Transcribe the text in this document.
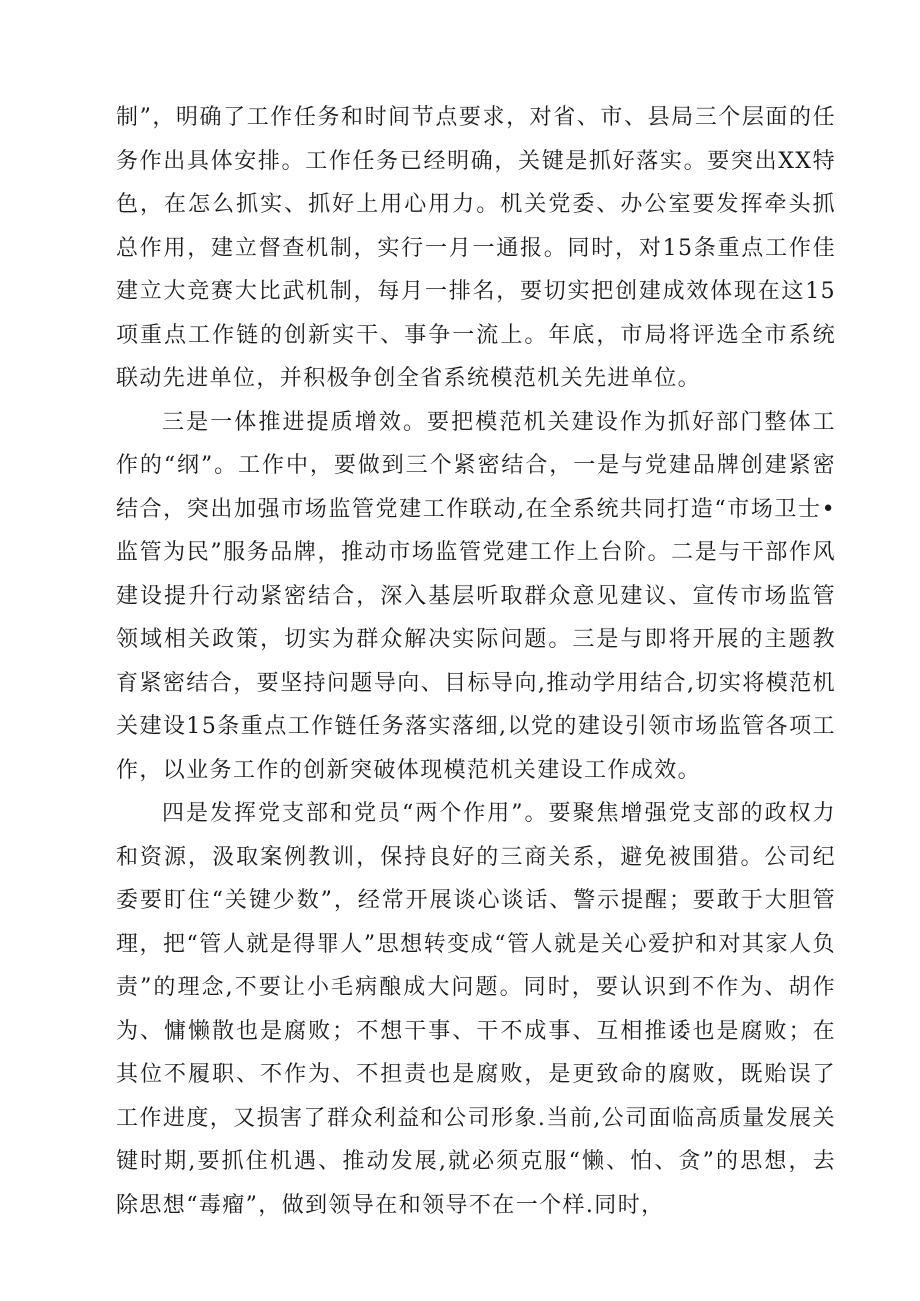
制”，明确了工作任务和时间节点要求，对省、市、县局三个层面的任务作出具体安排。工作任务已经明确，关键是抓好落实。要突出XX特色，在怎么抓实、抓好上用心用力。机关党委、办公室要发挥牵头抓总作用，建立督查机制，实行一月一通报。同时，对15条重点工作佳建立大竞赛大比武机制，每月一排名，要切实把创建成效体现在这15项重点工作链的创新实干、事争一流上。年底，市局将评选全市系统联动先进单位，并积极争创全省系统模范机关先进单位。

三是一体推进提质增效。要把模范机关建设作为抓好部门整体工作的“纲”。工作中，要做到三个紧密结合，一是与党建品牌创建紧密结合，突出加强市场监管党建工作联动,在全系统共同打造“市场卫士•监管为民”服务品牌，推动市场监管党建工作上台阶。二是与干部作风建设提升行动紧密结合，深入基层听取群众意见建议、宣传市场监管领域相关政策，切实为群众解决实际问题。三是与即将开展的主题教育紧密结合，要坚持问题导向、目标导向,推动学用结合,切实将模范机关建设15条重点工作链任务落实落细,以党的建设引领市场监管各项工作，以业务工作的创新突破体现模范机关建设工作成效。

四是发挥党支部和党员“两个作用”。要聚焦增强党支部的政权力和资源，汲取案例教训，保持良好的三商关系，避免被围猎。公司纪委要盯住“关键少数”，经常开展谈心谈话、警示提醒；要敢于大胆管理，把“管人就是得罪人”思想转变成“管人就是关心爱护和对其家人负责”的理念,不要让小毛病酿成大问题。同时，要认识到不作为、胡作为、慵懒散也是腐败；不想干事、干不成事、互相推诿也是腐败；在其位不履职、不作为、不担责也是腐败，是更致命的腐败，既贻误了工作进度，又损害了群众利益和公司形象.当前,公司面临高质量发展关键时期,要抓住机遇、推动发展,就必须克服“懒、怕、贪”的思想，去除思想“毒瘤”，做到领导在和领导不在一个样.同时，
